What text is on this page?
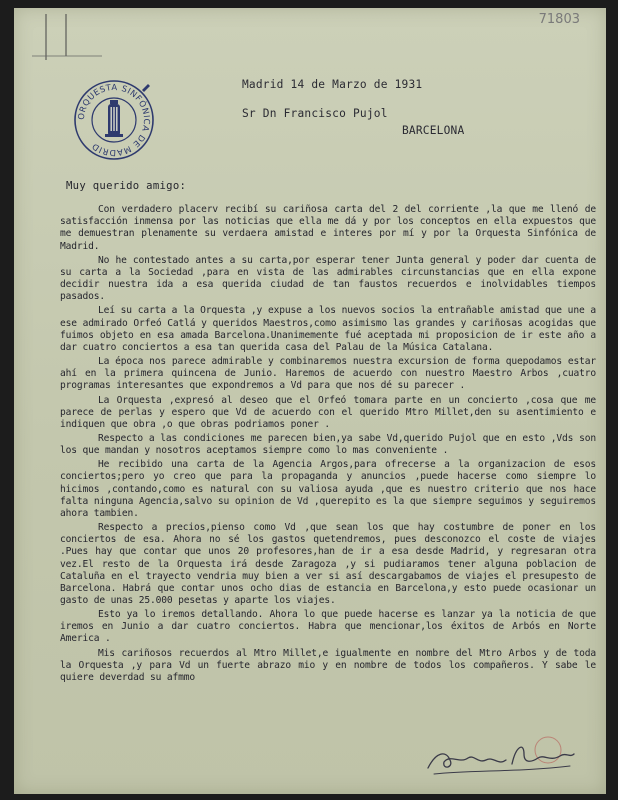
71803
ORQUESTA SINFÓNICA DE MADRID
Madrid 14 de Marzo de 1931
Sr Dn Francisco Pujol
BARCELONA
Muy querido amigo:

Con verdadero placerv recibí su cariñosa carta del 2 del corriente ,la que me llenó de satisfacción inmensa por las noticias que ella me dá y por los conceptos en ella expuestos que me demuestran plenamente su verdaera amistad e interes por mí y por la Orquesta Sinfónica de Madrid.

No he contestado antes a su carta,por esperar tener Junta general y poder dar cuenta de su carta a la Sociedad ,para en vista de las admirables circunstancias que en ella expone decidir nuestra ida a esa querida ciudad de tan faustos recuerdos e inolvidables tiempos pasados.

Leí su carta a la Orquesta ,y expuse a los nuevos socios la entrañable amistad que une a ese admirado Orfeó Catlá y queridos Maestros,como asimismo las grandes y cariñosas acogidas que fuimos objeto en esa amada Barcelona.Unanimemente fué aceptada mi proposicion de ir este año a dar cuatro conciertos a esa tan querida casa del Palau de la Música Catalana.

La época nos parece admirable y combinaremos nuestra excursion de forma quepodamos estar ahí en la primera quincena de Junio. Haremos de acuerdo con nuestro Maestro Arbos ,cuatro programas interesantes que expondremos a Vd para que nos dé su parecer .

La Orquesta ,expresó al deseo que el Orfeó tomara parte en un concierto ,cosa que me parece de perlas y espero que Vd de acuerdo con el querido Mtro Millet,den su asentimiento e indiquen que obra ,o que obras podriamos poner .

Respecto a las condiciones me parecen bien,ya sabe Vd,querido Pujol que en esto ,Vds son los que mandan y nosotros aceptamos siempre como lo mas conveniente .

He recibido una carta de la Agencia Argos,para ofrecerse a la organizacion de esos conciertos;pero yo creo que para la propaganda y anuncios ,puede hacerse como siempre lo hicimos ,contando,como es natural con su valiosa ayuda ,que es nuestro criterio que nos hace falta ninguna Agencia,salvo su opinion de Vd ,querepito es la que siempre seguimos y seguiremos ahora tambien.

Respecto a precios,pienso como Vd ,que sean los que hay costumbre de poner en los conciertos de esa. Ahora no sé los gastos quetendremos, pues desconozco el coste de viajes .Pues hay que contar que unos 20 profesores,han de ir a esa desde Madrid, y regresaran otra vez.El resto de la Orquesta irá desde Zaragoza ,y si pudiaramos tener alguna poblacion de Cataluña en el trayecto vendria muy bien a ver si así descargabamos de viajes el presupesto de Barcelona. Habrá que contar unos ocho dias de estancia en Barcelona,y esto puede ocasionar un gasto de unas 25.000 pesetas y aparte los viajes.

Esto ya lo iremos detallando. Ahora lo que puede hacerse es lanzar ya la noticia de que iremos en Junio a dar cuatro conciertos. Habra que mencionar,los éxitos de Arbós en Norte America .

Mis cariñosos recuerdos al Mtro Millet,e igualmente en nombre del Mtro Arbos y de toda la Orquesta ,y para Vd un fuerte abrazo mio y en nombre de todos los compañeros. Y sabe le quiere deverdad su afmmo
